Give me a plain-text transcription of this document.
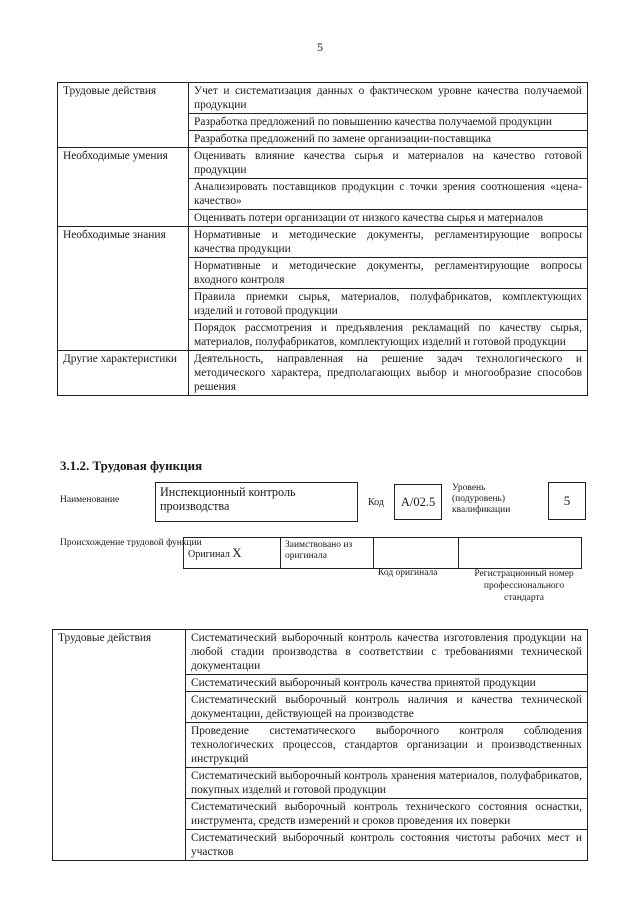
5
Трудовые действия	Учет и систематизация данных о фактическом уровне качества получаемой продукции
	Разработка предложений по повышению качества получаемой продукции
	Разработка предложений по замене организации-поставщика
Необходимые умения	Оценивать влияние качества сырья и материалов на качество готовой продукции
	Анализировать поставщиков продукции с точки зрения соотношения «цена-качество»
	Оценивать потери организации от низкого качества сырья и материалов
Необходимые знания	Нормативные и методические документы, регламентирующие вопросы качества продукции
	Нормативные и методические документы, регламентирующие вопросы входного контроля
	Правила приемки сырья, материалов, полуфабрикатов, комплектующих изделий и готовой продукции
	Порядок рассмотрения и предъявления рекламаций по качеству сырья, материалов, полуфабрикатов, комплектующих изделий и готовой продукции
Другие характеристики	Деятельность, направленная на решение задач технологического и методического характера, предполагающих выбор и многообразие способов решения
3.1.2. Трудовая функция
Наименование
Инспекционный контроль производства	Код	А/02.5
Уровень (подуровень) квалификации
5
Происхождение трудовой функции
Оригинал X	Заимствовано из оригинала		
Код оригинала	Регистрационный номер профессионального стандарта
Трудовые действия	Систематический выборочный контроль качества изготовления продукции на любой стадии производства в соответствии с требованиями технической документации
Систематический выборочный контроль качества принятой продукции
Систематический выборочный контроль наличия и качества технической документации, действующей на производстве
Проведение систематического выборочного контроля соблюдения технологических процессов, стандартов организации и производственных инструкций
Систематический выборочный контроль хранения материалов, полуфабрикатов, покупных изделий и готовой продукции
Систематический выборочный контроль технического состояния оснастки, инструмента, средств измерений и сроков проведения их поверки
Систематический выборочный контроль состояния чистоты рабочих мест и участков
